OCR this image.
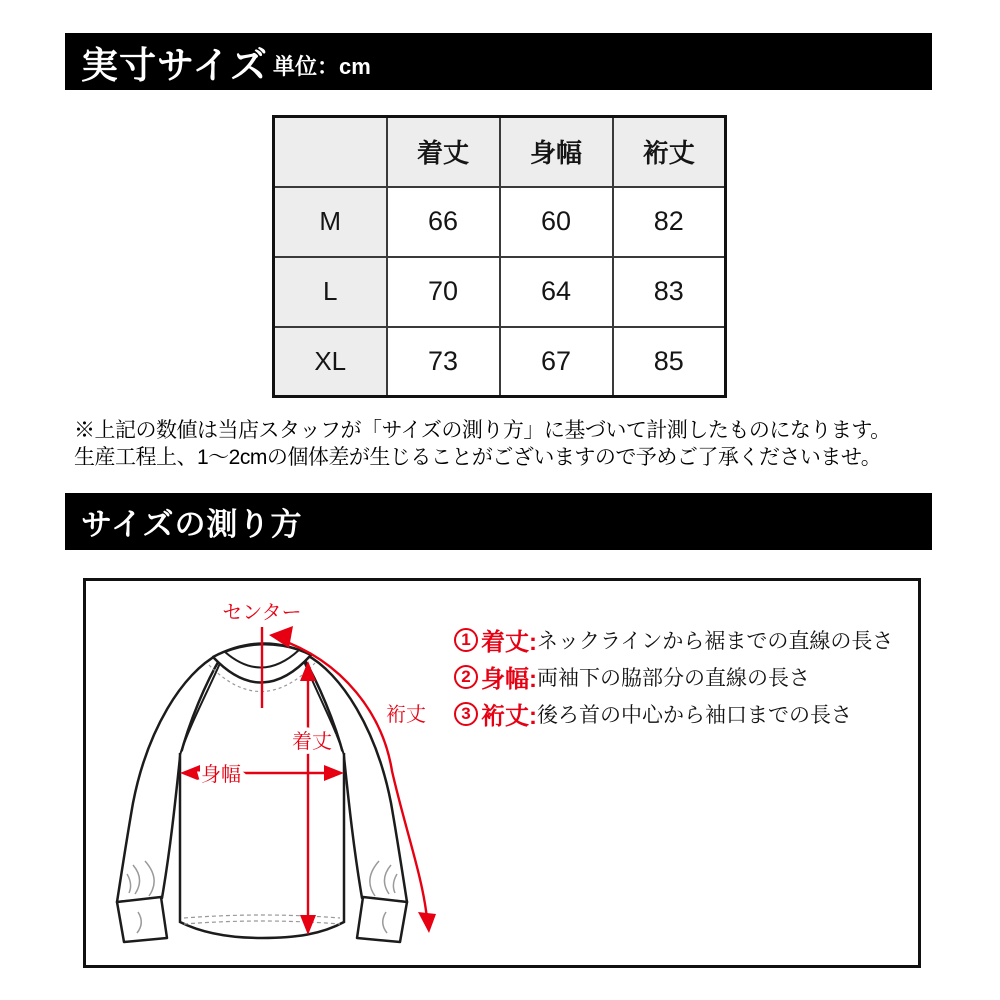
実寸サイズ 単位：cm
	着丈	身幅	裄丈
M	66	60	82
L	70	64	83
XL	73	67	85
※上記の数値は当店スタッフが「サイズの測り方」に基づいて計測したものになります。
生産工程上、1〜2cmの個体差が生じることがございますので予めご了承くださいませ。
サイズの測り方
センター
裄丈
着丈
身幅
1 着丈: ネックラインから裾までの直線の長さ
2 身幅: 両袖下の脇部分の直線の長さ
3 裄丈: 後ろ首の中心から袖口までの長さ
